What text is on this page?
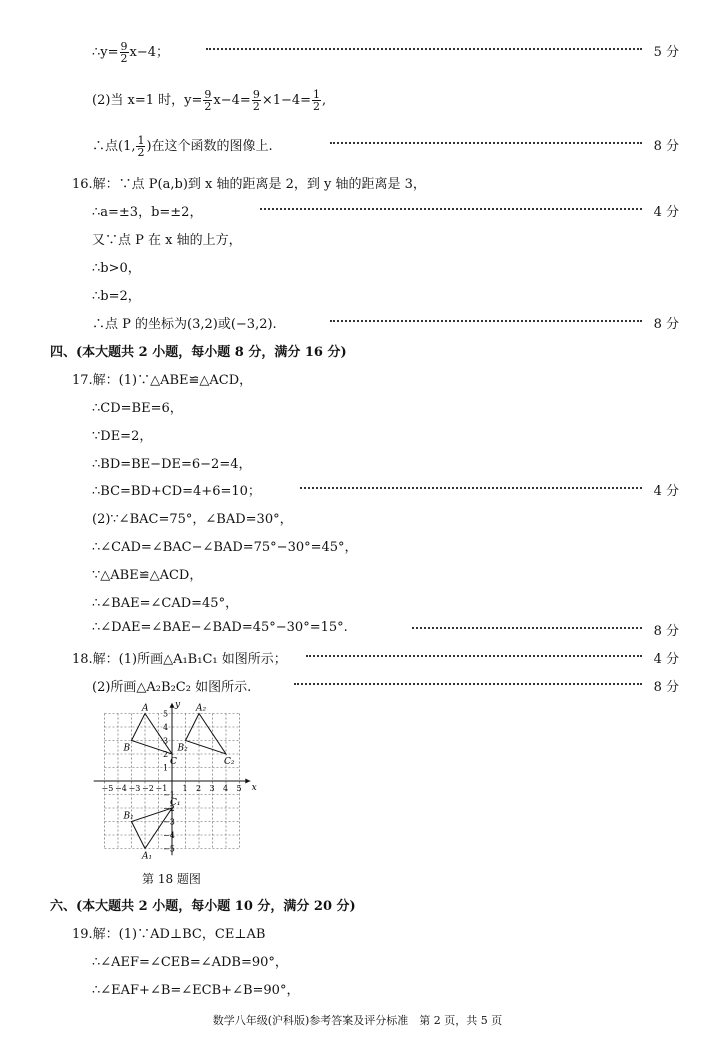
∴y= $\frac{9}{2} x-4$；	5 分
(2)当 x=1 时，$y= \frac{9}{2} x-4= \frac{9}{2} \times 1-4= \frac{1}{2}$ ,
∴点(1, $\frac{1}{2}$ )在这个函数的图像上.	8 分
16.解：∵点 P(a,b)到 x 轴的距离是 2，到 y 轴的距离是 3，
∴a=±3，b=±2，	4 分
又∵点 P 在 x 轴的上方，
∴b>0，
∴b=2，
∴点 P 的坐标为(3,2)或(−3,2).	8 分
四、(本大题共 2 小题，每小题 8 分，满分 16 分)
17.解：(1)∵△ABE≌△ACD，
∴CD=BE=6，
∵DE=2，
∴BD=BE−DE=6−2=4，
∴BC=BD+CD=4+6=10；	4 分
(2)∵∠BAC=75°，∠BAD=30°，
∴∠CAD=∠BAC−∠BAD=75°−30°=45°，
∵△ABE≌△ACD，
∴∠BAE=∠CAD=45°，
∴∠DAE=∠BAE−∠BAD=45°−30°=15°.	8 分
18.解：(1)所画△A₁B₁C₁ 如图所示；	4 分
(2)所画△A₂B₂C₂ 如图所示.	8 分
x
y
−5 −4 −3 −2 −1 1 2 3 4 5
5
4
3
2
1
−1
−2
−3
−4
−5
A
B
C
A₂
B₂
C₂
A₁
B₁
C₁
第 18 题图
六、(本大题共 2 小题，每小题 10 分，满分 20 分)
19.解：(1)∵AD⊥BC，CE⊥AB
∴∠AEF=∠CEB=∠ADB=90°，
∴∠EAF+∠B=∠ECB+∠B=90°，
数学八年级(沪科版)参考答案及评分标准　第 2 页，共 5 页
